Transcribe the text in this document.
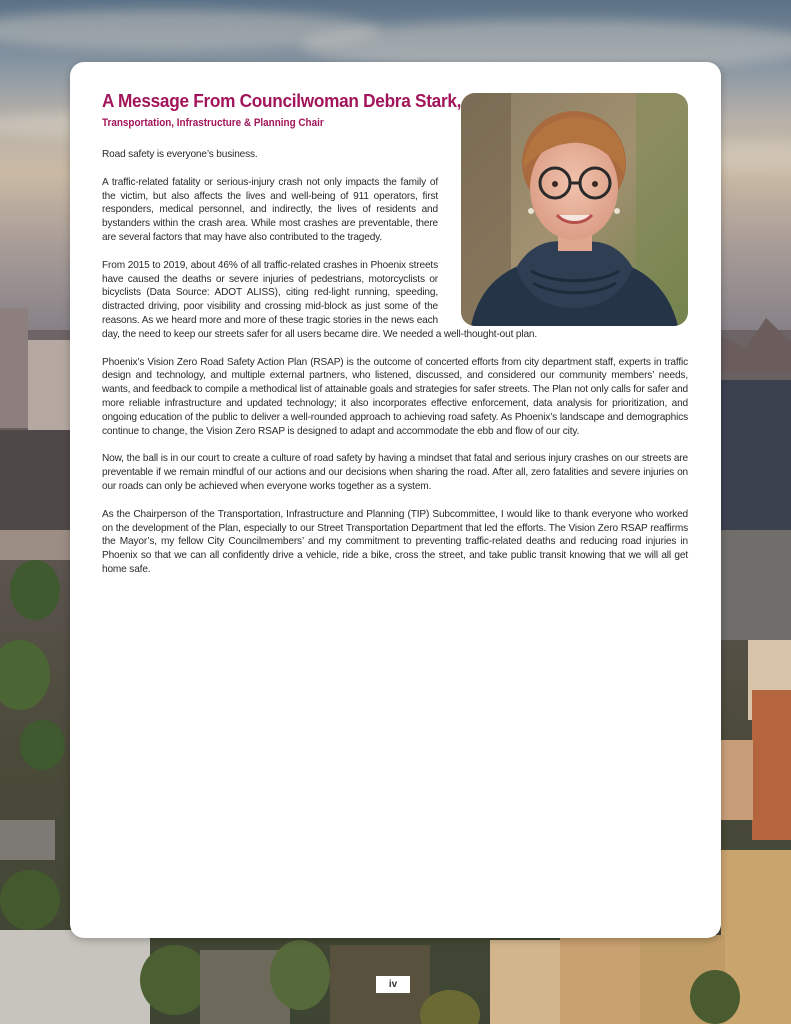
A Message From Councilwoman Debra Stark,
Transportation, Infrastructure & Planning Chair

Road safety is everyone’s business.

A traffic-related fatality or serious-injury crash not only impacts the family of the victim, but also affects the lives and well-being of 911 operators, first responders, medical personnel, and indirectly, the lives of residents and bystanders within the crash area. While most crashes are preventable, there are several factors that may have also contributed to the tragedy.

From 2015 to 2019, about 46% of all traffic-related crashes in Phoenix streets have caused the deaths or severe injuries of pedestrians, motorcyclists or bicyclists (Data Source: ADOT ALISS), citing red-light running, speeding, distracted driving, poor visibility and crossing mid-block as just some of the reasons. As we heard more and more of these tragic stories in the news each day, the need to keep our streets safer for all users became dire. We needed a well-thought-out plan.

Phoenix’s Vision Zero Road Safety Action Plan (RSAP) is the outcome of concerted efforts from city department staff, experts in traffic design and technology, and multiple external partners, who listened, discussed, and considered our community members’ needs, wants, and feedback to compile a methodical list of attainable goals and strategies for safer streets. The Plan not only calls for safer and more reliable infrastructure and updated technology; it also incorporates effective enforcement, data analysis for prioritization, and ongoing education of the public to deliver a well-rounded approach to achieving road safety. As Phoenix’s landscape and demographics continue to change, the Vision Zero RSAP is designed to adapt and accommodate the ebb and flow of our city.

Now, the ball is in our court to create a culture of road safety by having a mindset that fatal and serious injury crashes on our streets are preventable if we remain mindful of our actions and our decisions when sharing the road. After all, zero fatalities and severe injuries on our roads can only be achieved when everyone works together as a system.

As the Chairperson of the Transportation, Infrastructure and Planning (TIP) Subcommittee, I would like to thank everyone who worked on the development of the Plan, especially to our Street Transportation Department that led the efforts. The Vision Zero RSAP reaffirms the Mayor’s, my fellow City Councilmembers’ and my commitment to preventing traffic-related deaths and reducing road injuries in Phoenix so that we can all confidently drive a vehicle, ride a bike, cross the street, and take public transit knowing that we will all get home safe.

iv
